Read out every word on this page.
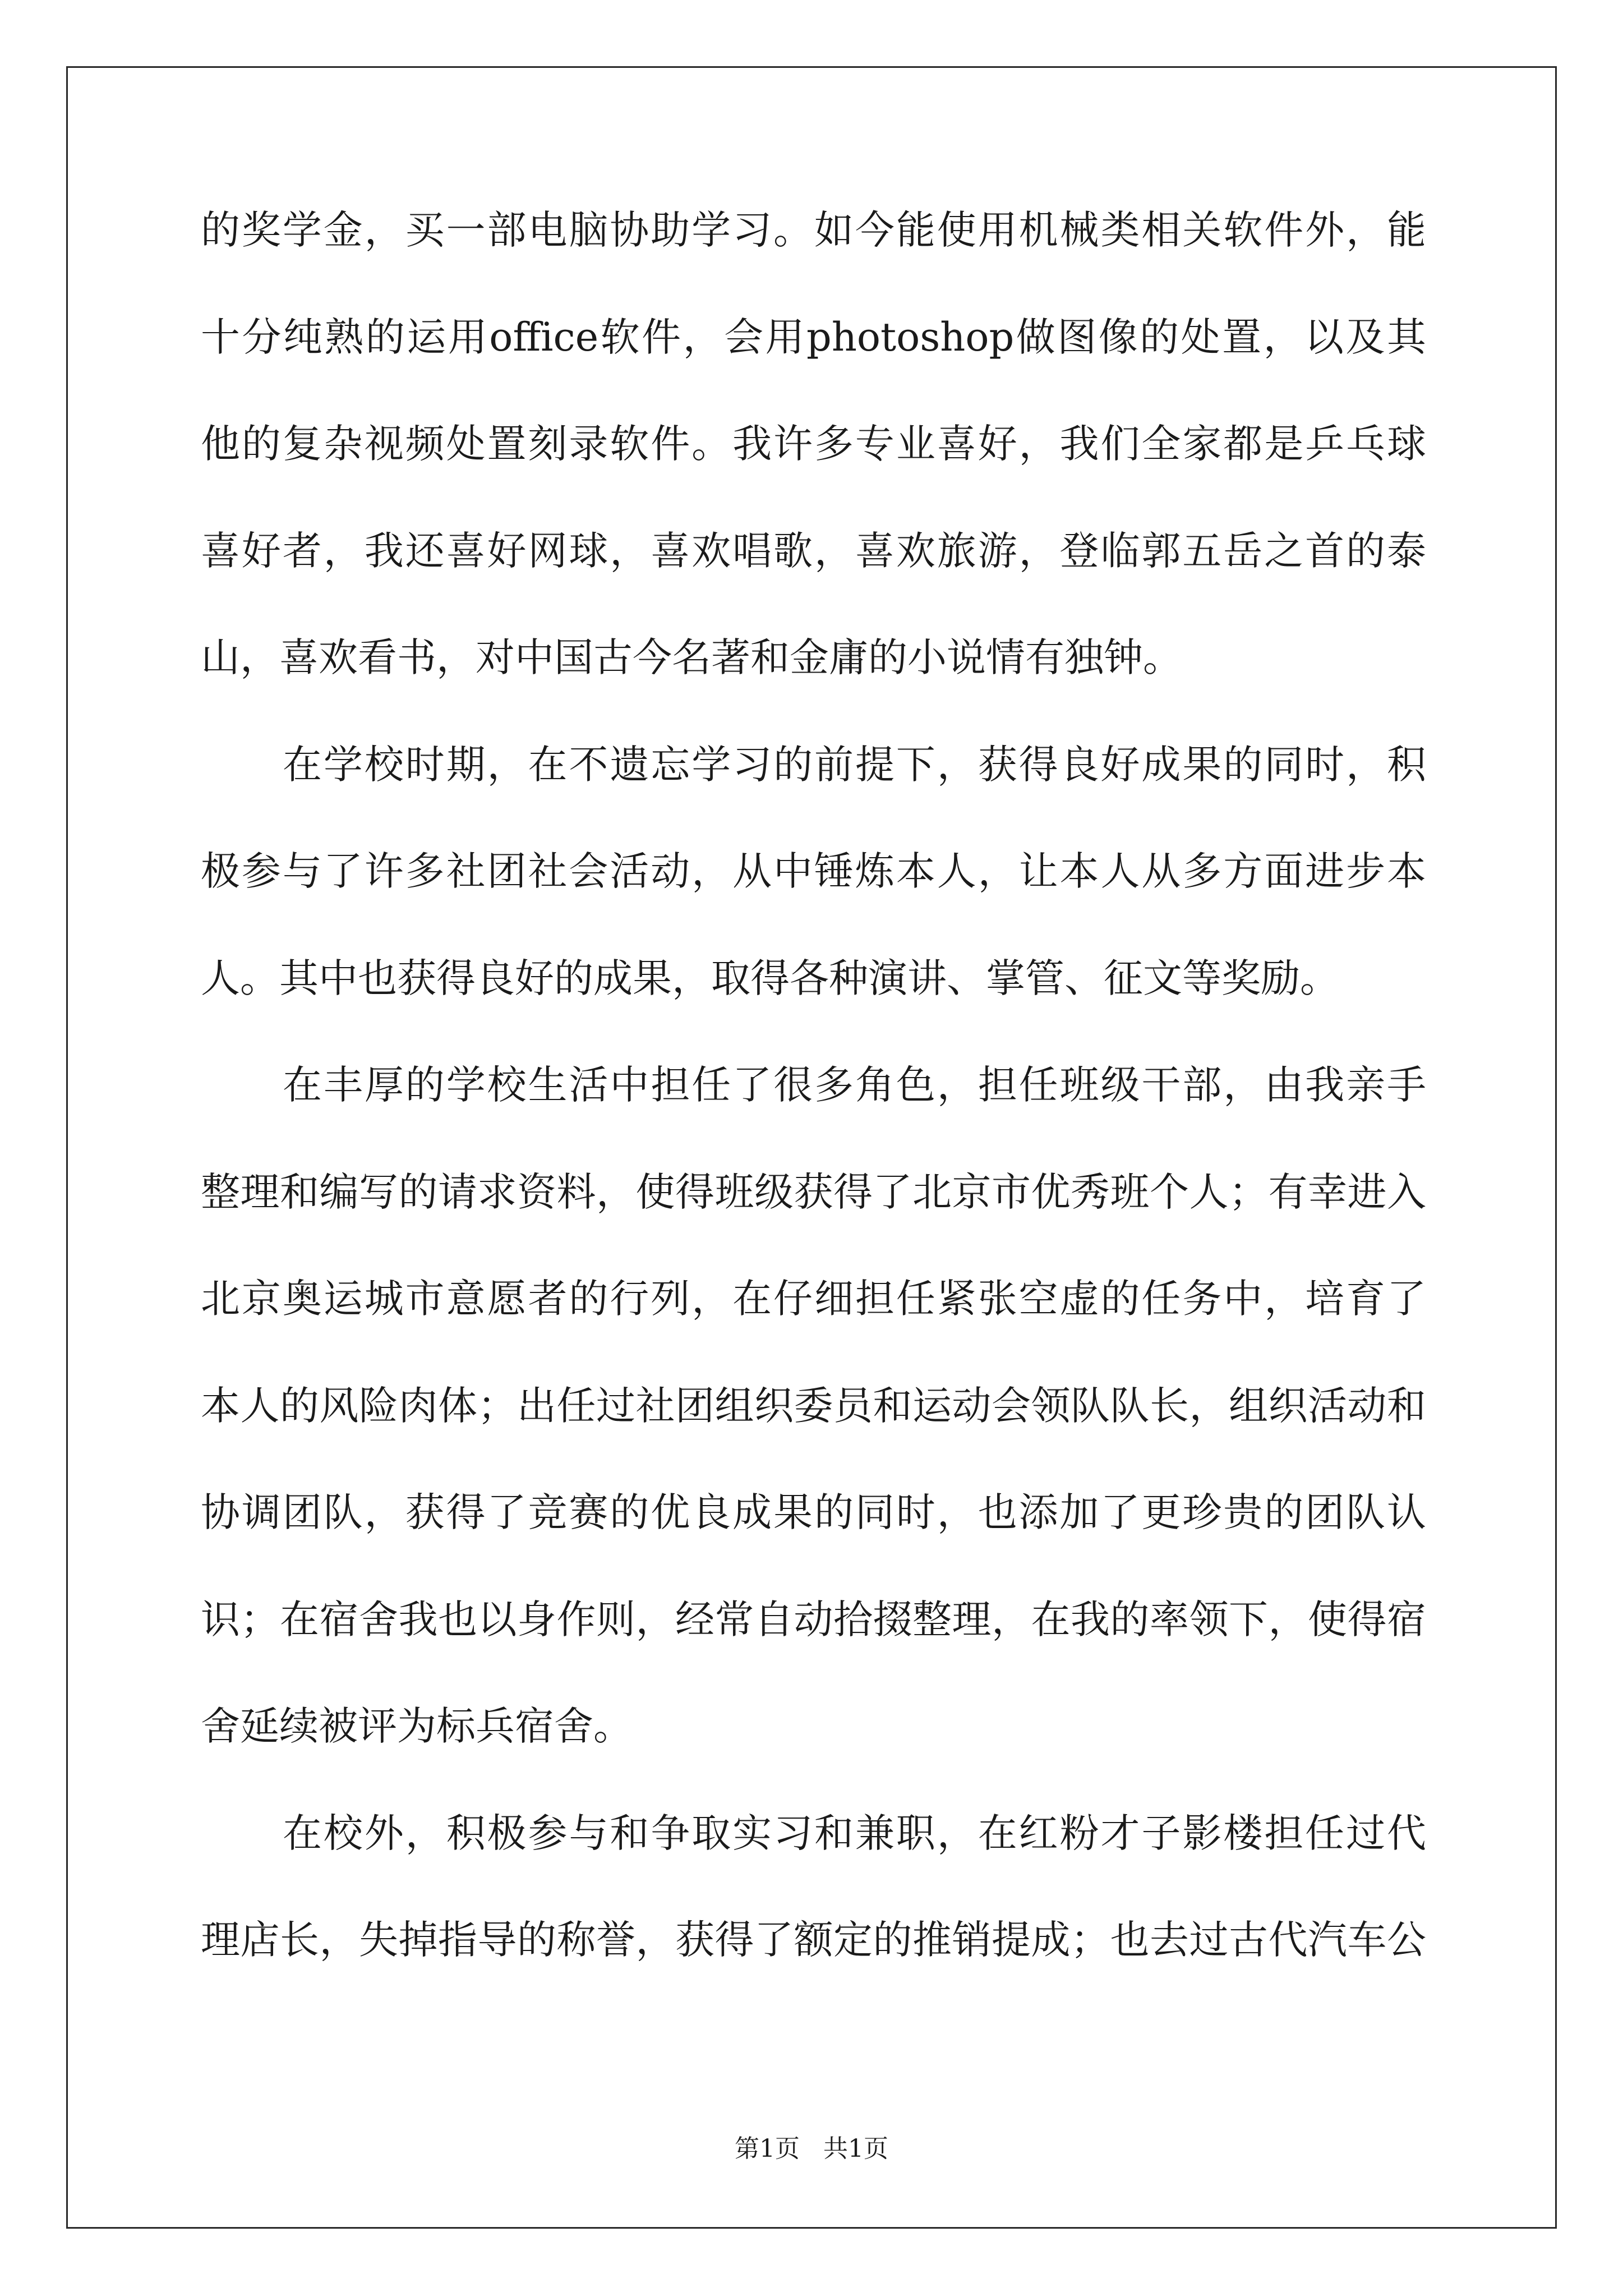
的奖学金，买一部电脑协助学习。如今能使用机械类相关软件外，能
十分纯熟的运用office软件，会用photoshop做图像的处置，以及其
他的复杂视频处置刻录软件。我许多专业喜好，我们全家都是乒乓球
喜好者，我还喜好网球，喜欢唱歌，喜欢旅游，登临郭五岳之首的泰
山，喜欢看书，对中国古今名著和金庸的小说情有独钟。
在学校时期，在不遗忘学习的前提下，获得良好成果的同时，积
极参与了许多社团社会活动，从中锤炼本人，让本人从多方面进步本
人。其中也获得良好的成果，取得各种演讲、掌管、征文等奖励。
在丰厚的学校生活中担任了很多角色，担任班级干部，由我亲手
整理和编写的请求资料，使得班级获得了北京市优秀班个人；有幸进入
北京奥运城市意愿者的行列，在仔细担任紧张空虚的任务中，培育了
本人的风险肉体；出任过社团组织委员和运动会领队队长，组织活动和
协调团队，获得了竞赛的优良成果的同时，也添加了更珍贵的团队认
识；在宿舍我也以身作则，经常自动拾掇整理，在我的率领下，使得宿
舍延续被评为标兵宿舍。
在校外，积极参与和争取实习和兼职，在红粉才子影楼担任过代
理店长，失掉指导的称誉，获得了额定的推销提成；也去过古代汽车公
第1页   共1页
